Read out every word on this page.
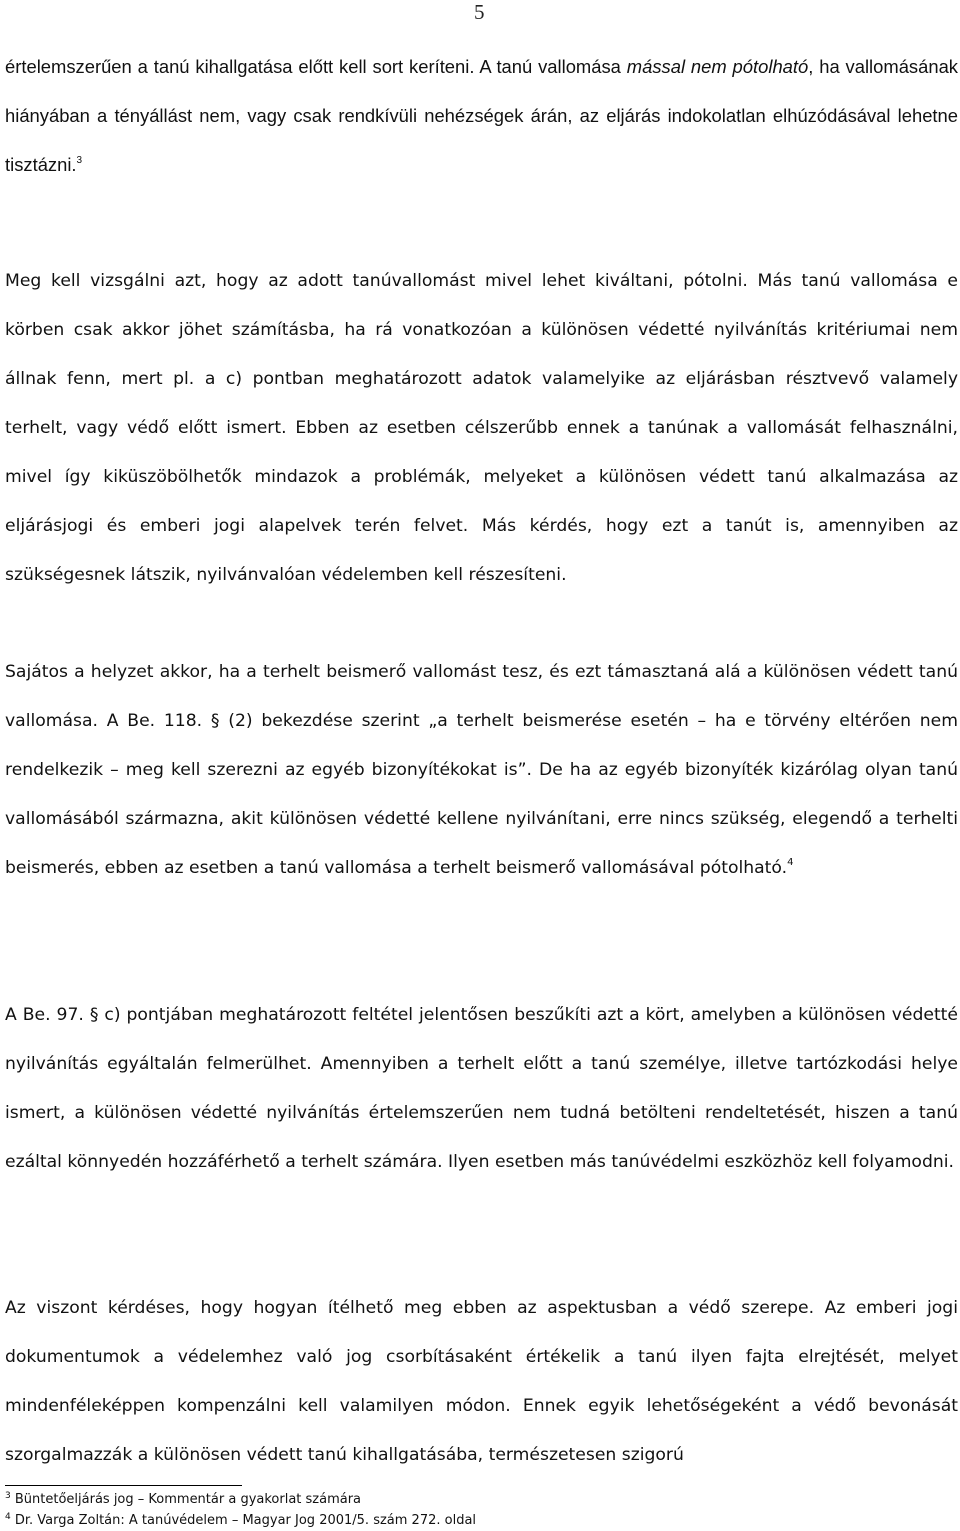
5

értelemszerűen a tanú kihallgatása előtt kell sort keríteni. A tanú vallomása mással nem pótolható, ha vallomásának hiányában a tényállást nem, vagy csak rendkívüli nehézségek árán, az eljárás indokolatlan elhúzódásával lehetne tisztázni.$^3$

Meg kell vizsgálni azt, hogy az adott tanúvallomást mivel lehet kiváltani, pótolni. Más tanú vallomása e körben csak akkor jöhet számításba, ha rá vonatkozóan a különösen védetté nyilvánítás kritériumai nem állnak fenn, mert pl. a c) pontban meghatározott adatok valamelyike az eljárásban résztvevő valamely terhelt, vagy védő előtt ismert. Ebben az esetben célszerűbb ennek a tanúnak a vallomását felhasználni, mivel így kiküszöbölhetők mindazok a problémák, melyeket a különösen védett tanú alkalmazása az eljárásjogi és emberi jogi alapelvek terén felvet. Más kérdés, hogy ezt a tanút is, amennyiben az szükségesnek látszik, nyilvánvalóan védelemben kell részesíteni.

Sajátos a helyzet akkor, ha a terhelt beismerő vallomást tesz, és ezt támasztaná alá a különösen védett tanú vallomása. A Be. 118. § (2) bekezdése szerint „a terhelt beismerése esetén – ha e törvény eltérően nem rendelkezik – meg kell szerezni az egyéb bizonyítékokat is”. De ha az egyéb bizonyíték kizárólag olyan tanú vallomásából származna, akit különösen védetté kellene nyilvánítani, erre nincs szükség, elegendő a terhelti beismerés, ebben az esetben a tanú vallomása a terhelt beismerő vallomásával pótolható.$^4$

A Be. 97. § c) pontjában meghatározott feltétel jelentősen beszűkíti azt a kört, amelyben a különösen védetté nyilvánítás egyáltalán felmerülhet. Amennyiben a terhelt előtt a tanú személye, illetve tartózkodási helye ismert, a különösen védetté nyilvánítás értelemszerűen nem tudná betölteni rendeltetését, hiszen a tanú ezáltal könnyedén hozzáférhető a terhelt számára. Ilyen esetben más tanúvédelmi eszközhöz kell folyamodni.

Az viszont kérdéses, hogy hogyan ítélhető meg ebben az aspektusban a védő szerepe. Az emberi jogi dokumentumok a védelemhez való jog csorbításaként értékelik a tanú ilyen fajta elrejtését, melyet mindenféleképpen kompenzálni kell valamilyen módon. Ennek egyik lehetőségeként a védő bevonását szorgalmazzák a különösen védett tanú kihallgatásába, természetesen szigorú

$^3$ Büntetőeljárás jog – Kommentár a gyakorlat számára
$^4$ Dr. Varga Zoltán: A tanúvédelem – Magyar Jog 2001/5. szám 272. oldal
